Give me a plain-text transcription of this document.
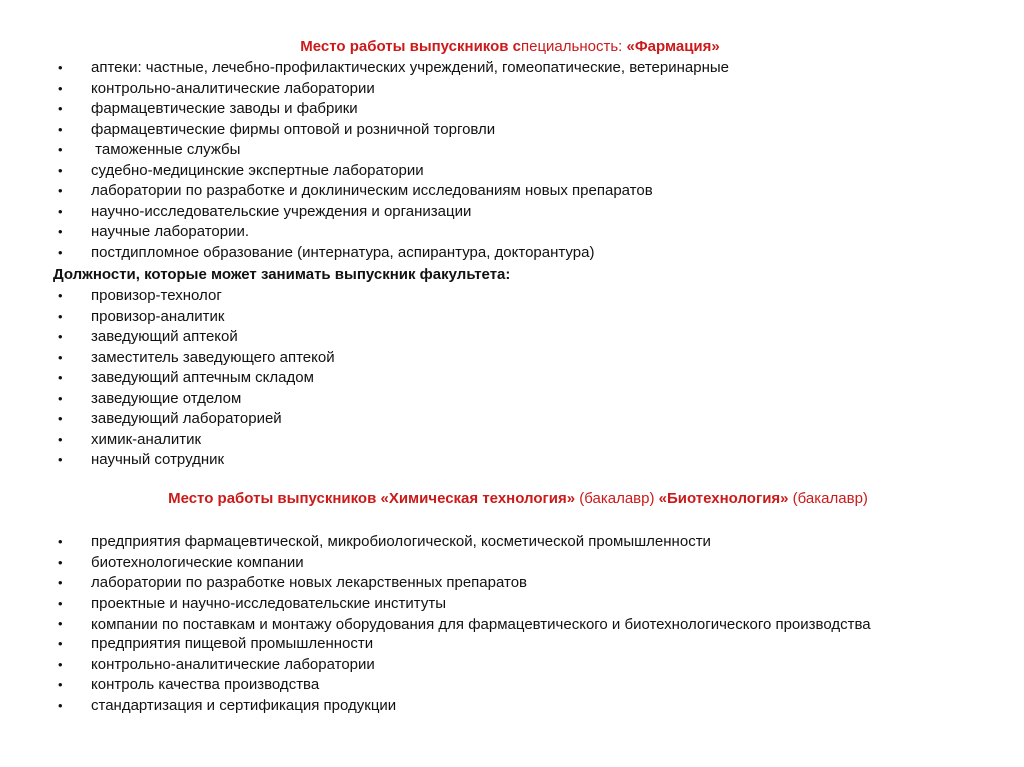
Место работы выпускников специальность: «Фармация»
• аптеки: частные, лечебно-профилактических учреждений, гомеопатические, ветеринарные
• контрольно-аналитические лаборатории
• фармацевтические заводы и фабрики
• фармацевтические фирмы оптовой и розничной торговли
• таможенные службы
• судебно-медицинские экспертные лаборатории
• лаборатории по разработке и доклиническим исследованиям новых препаратов
• научно-исследовательские учреждения и организации
• научные лаборатории.
• постдипломное образование (интернатура, аспирантура, докторантура)
Должности, которые может занимать выпускник факультета:
• провизор-технолог
• провизор-аналитик
• заведующий аптекой
• заместитель заведующего аптекой
• заведующий аптечным складом
• заведующие отделом
• заведующий лабораторией
• химик-аналитик
• научный сотрудник
Место работы выпускников «Химическая технология» (бакалавр) «Биотехнология» (бакалавр)
• предприятия фармацевтической, микробиологической, косметической промышленности
• биотехнологические компании
• лаборатории по разработке новых лекарственных препаратов
• проектные и научно-исследовательские институты
• компании по поставкам и монтажу оборудования для фармацевтического и биотехнологического производства
• предприятия пищевой промышленности
• контрольно-аналитические лаборатории
• контроль качества производства
• стандартизация и сертификация продукции
